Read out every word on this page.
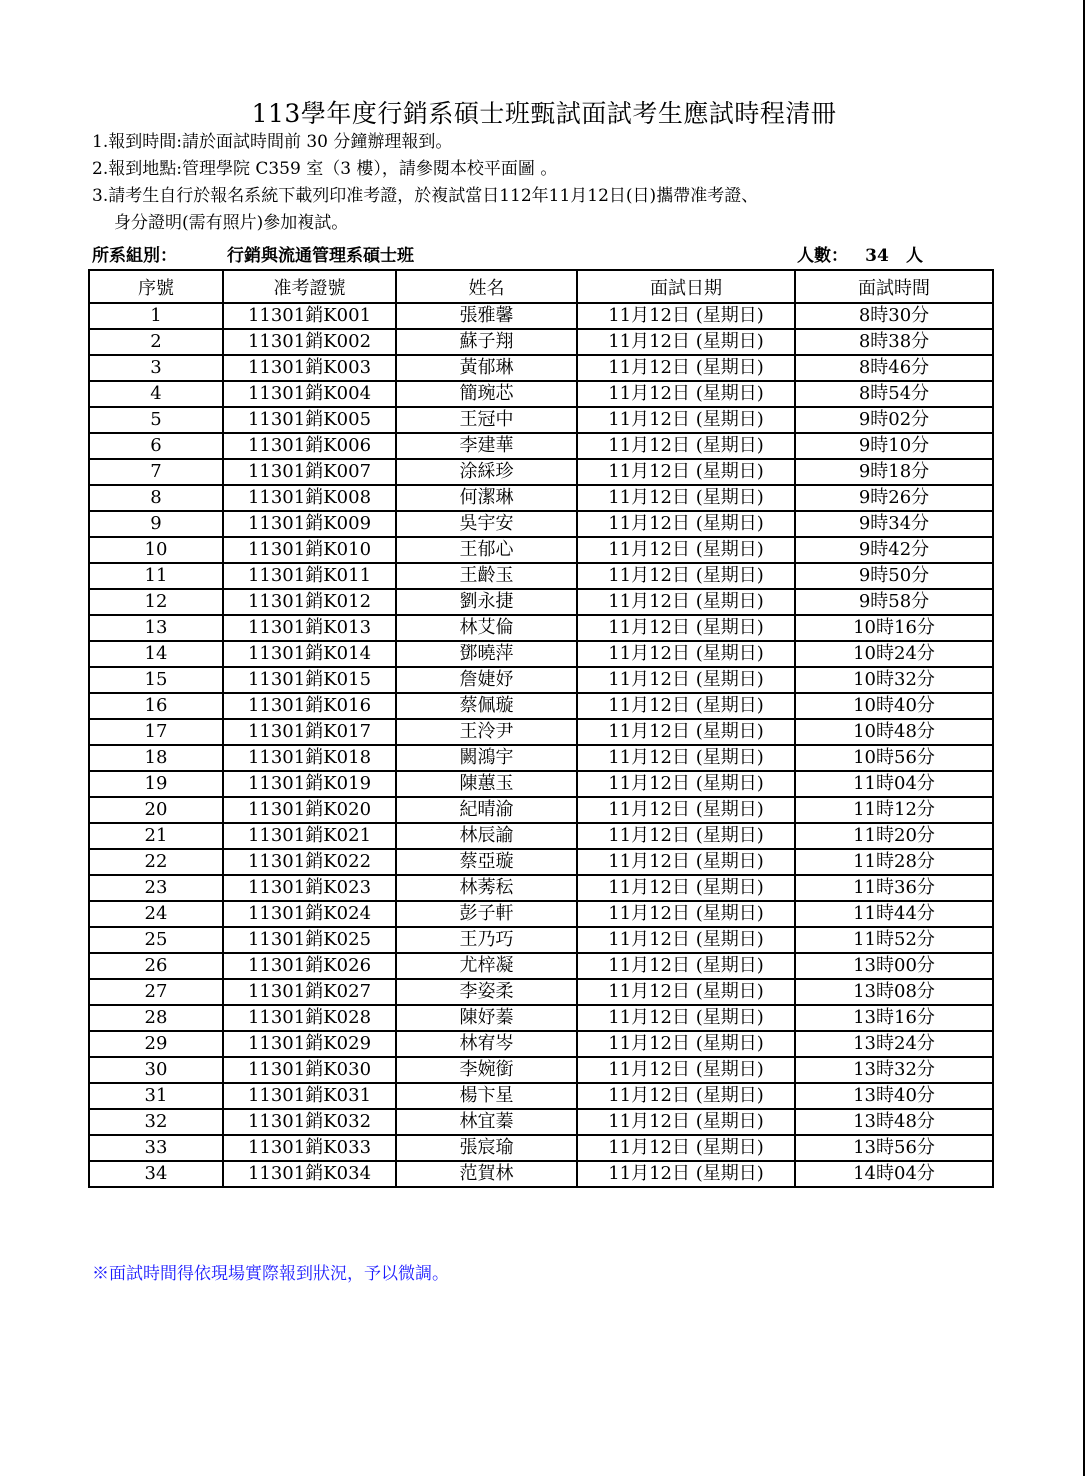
113學年度行銷系碩士班甄試面試考生應試時程清冊
1.報到時間:請於面試時間前 30 分鐘辦理報到。
2.報到地點:管理學院 C359 室（3 樓），請參閱本校平面圖 。
3.請考生自行於報名系統下載列印准考證，於複試當日112年11月12日(日)攜帶准考證、
身分證明(需有照片)參加複試。
所系組別：	行銷與流通管理系碩士班	人數： 34 人
序號	准考證號	姓名	面試日期	面試時間
1	11301銷K001	張雅馨	11月12日 (星期日)	8時30分
2	11301銷K002	蘇子翔	11月12日 (星期日)	8時38分
3	11301銷K003	黃郁琳	11月12日 (星期日)	8時46分
4	11301銷K004	簡琬芯	11月12日 (星期日)	8時54分
5	11301銷K005	王冠中	11月12日 (星期日)	9時02分
6	11301銷K006	李建華	11月12日 (星期日)	9時10分
7	11301銷K007	涂綵珍	11月12日 (星期日)	9時18分
8	11301銷K008	何潔琳	11月12日 (星期日)	9時26分
9	11301銷K009	吳宇安	11月12日 (星期日)	9時34分
10	11301銷K010	王郁心	11月12日 (星期日)	9時42分
11	11301銷K011	王齡玉	11月12日 (星期日)	9時50分
12	11301銷K012	劉永捷	11月12日 (星期日)	9時58分
13	11301銷K013	林艾倫	11月12日 (星期日)	10時16分
14	11301銷K014	鄧曉萍	11月12日 (星期日)	10時24分
15	11301銷K015	詹婕妤	11月12日 (星期日)	10時32分
16	11301銷K016	蔡佩璇	11月12日 (星期日)	10時40分
17	11301銷K017	王泠尹	11月12日 (星期日)	10時48分
18	11301銷K018	闕鴻宇	11月12日 (星期日)	10時56分
19	11301銷K019	陳蕙玉	11月12日 (星期日)	11時04分
20	11301銷K020	紀晴渝	11月12日 (星期日)	11時12分
21	11301銷K021	林辰諭	11月12日 (星期日)	11時20分
22	11301銷K022	蔡亞璇	11月12日 (星期日)	11時28分
23	11301銷K023	林莠秐	11月12日 (星期日)	11時36分
24	11301銷K024	彭子軒	11月12日 (星期日)	11時44分
25	11301銷K025	王乃巧	11月12日 (星期日)	11時52分
26	11301銷K026	尤梓凝	11月12日 (星期日)	13時00分
27	11301銷K027	李姿柔	11月12日 (星期日)	13時08分
28	11301銷K028	陳妤蓁	11月12日 (星期日)	13時16分
29	11301銷K029	林宥岑	11月12日 (星期日)	13時24分
30	11301銷K030	李婉銜	11月12日 (星期日)	13時32分
31	11301銷K031	楊卞星	11月12日 (星期日)	13時40分
32	11301銷K032	林宜蓁	11月12日 (星期日)	13時48分
33	11301銷K033	張宸瑜	11月12日 (星期日)	13時56分
34	11301銷K034	范賀林	11月12日 (星期日)	14時04分
※面試時間得依現場實際報到狀況，予以微調。
